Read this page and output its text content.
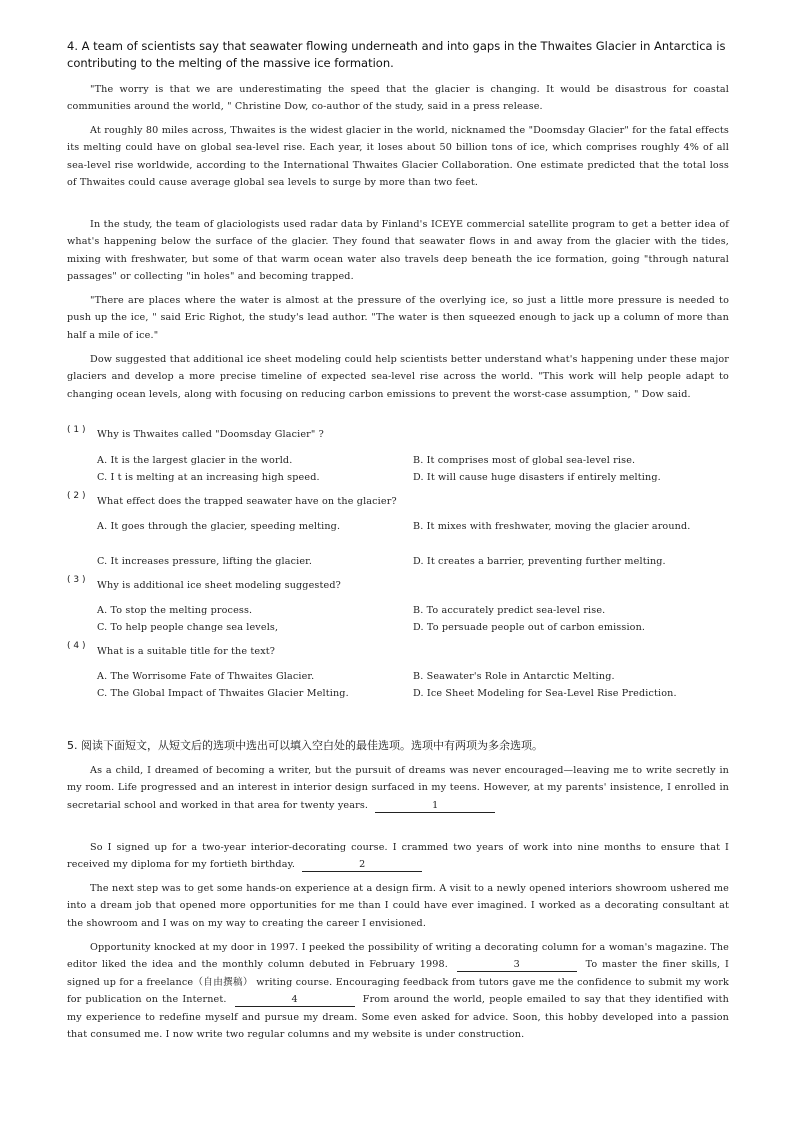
4. A team of scientists say that seawater flowing underneath and into gaps in the Thwaites Glacier in Antarctica is contributing to the melting of the massive ice formation.
"The worry is that we are underestimating the speed that the glacier is changing. It would be disastrous for coastal communities around the world, " Christine Dow, co-author of the study, said in a press release.
At roughly 80 miles across, Thwaites is the widest glacier in the world, nicknamed the "Doomsday Glacier" for the fatal effects its melting could have on global sea-level rise. Each year, it loses about 50 billion tons of ice, which comprises roughly 4% of all sea-level rise worldwide, according to the International Thwaites Glacier Collaboration. One estimate predicted that the total loss of Thwaites could cause average global sea levels to surge by more than two feet.
In the study, the team of glaciologists used radar data by Finland's ICEYE commercial satellite program to get a better idea of what's happening below the surface of the glacier. They found that seawater flows in and away from the glacier with the tides, mixing with freshwater, but some of that warm ocean water also travels deep beneath the ice formation, going "through natural passages" or collecting "in holes" and becoming trapped.
"There are places where the water is almost at the pressure of the overlying ice, so just a little more pressure is needed to push up the ice, " said Eric Righot, the study's lead author. "The water is then squeezed enough to jack up a column of more than half a mile of ice."
Dow suggested that additional ice sheet modeling could help scientists better understand what's happening under these major glaciers and develop a more precise timeline of expected sea-level rise across the world. "This work will help people adapt to changing ocean levels, along with focusing on reducing carbon emissions to prevent the worst-case assumption, " Dow said.
( 1 ) Why is Thwaites called "Doomsday Glacier" ?
A. It is the largest glacier in the world.	B. It comprises most of global sea-level rise.
C. I t is melting at an increasing high speed.	D. It will cause huge disasters if entirely melting.
( 2 ) What effect does the trapped seawater have on the glacier?
A. It goes through the glacier, speeding melting.	B. It mixes with freshwater, moving the glacier around.
C. It increases pressure, lifting the glacier.	D. It creates a barrier, preventing further melting.
( 3 ) Why is additional ice sheet modeling suggested?
A. To stop the melting process.	B. To accurately predict sea-level rise.
C. To help people change sea levels,	D. To persuade people out of carbon emission.
( 4 ) What is a suitable title for the text?
A. The Worrisome Fate of Thwaites Glacier.	B. Seawater's Role in Antarctic Melting.
C. The Global Impact of Thwaites Glacier Melting.	D. Ice Sheet Modeling for Sea-Level Rise Prediction.
5. 阅读下面短文，从短文后的选项中选出可以填入空白处的最佳选项。选项中有两项为多余选项。
As a child, I dreamed of becoming a writer, but the pursuit of dreams was never encouraged—leaving me to write secretly in my room. Life progressed and an interest in interior design surfaced in my teens. However, at my parents' insistence, I enrolled in secretarial school and worked in that area for twenty years.	1
So I signed up for a two-year interior-decorating course. I crammed two years of work into nine months to ensure that I received my diploma for my fortieth birthday.	2
The next step was to get some hands-on experience at a design firm. A visit to a newly opened interiors showroom ushered me into a dream job that opened more opportunities for me than I could have ever imagined. I worked as a decorating consultant at the showroom and I was on my way to creating the career I envisioned.
Opportunity knocked at my door in 1997. I peeked the possibility of writing a decorating column for a woman's magazine. The editor liked the idea and the monthly column debuted in February 1998.	3	To master the finer skills, I signed up for a freelance（自由撰稿） writing course. Encouraging feedback from tutors gave me the confidence to submit my work for publication on the Internet.	4	From around the world, people emailed to say that they identified with my experience to redefine myself and pursue my dream. Some even asked for advice. Soon, this hobby developed into a passion that consumed me. I now write two regular columns and my website is under construction.
